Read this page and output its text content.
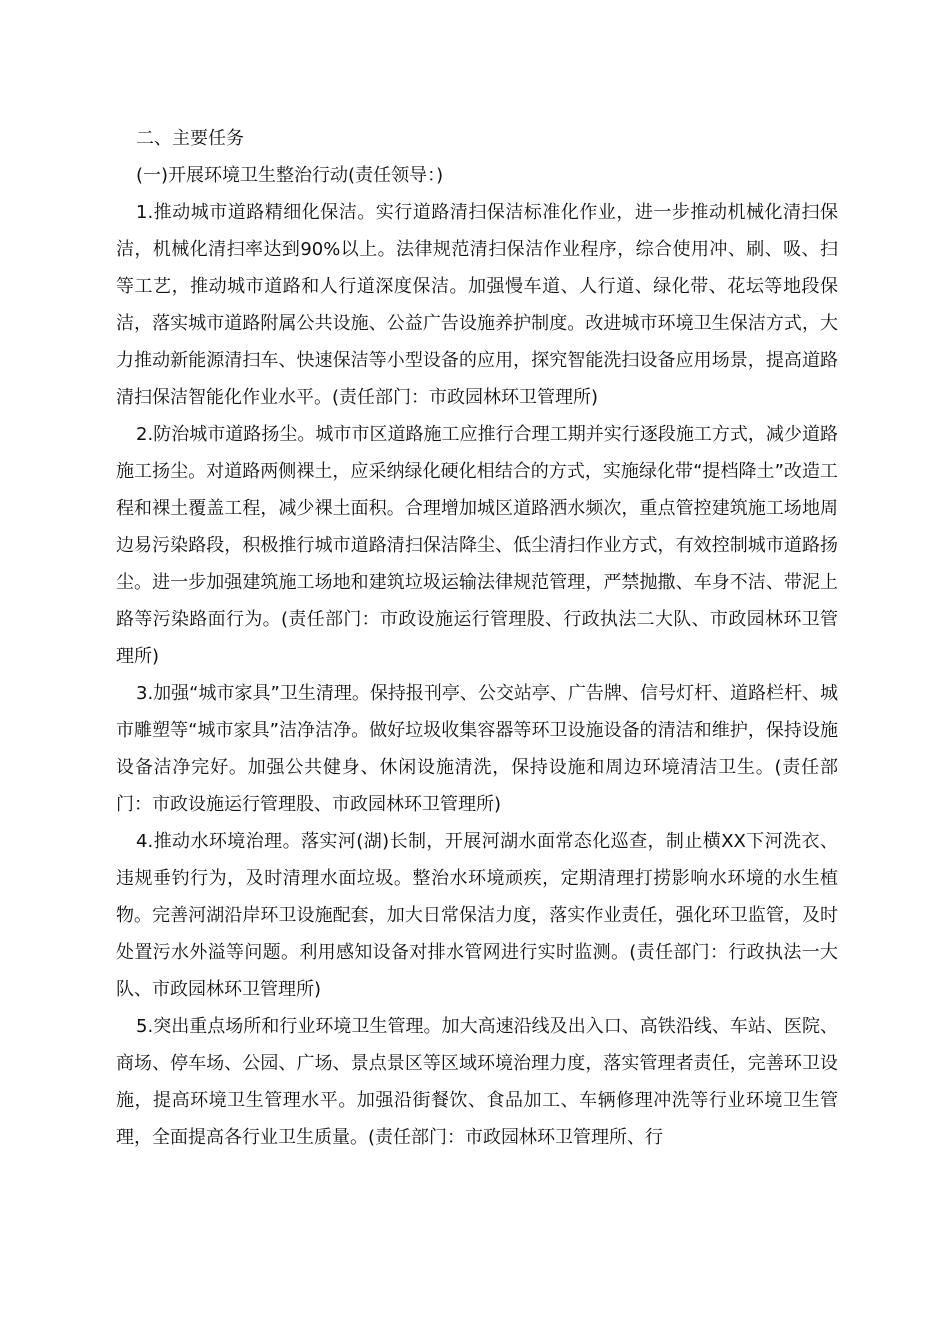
二、主要任务
(一)开展环境卫生整治行动(责任领导：)

1.推动城市道路精细化保洁。实行道路清扫保洁标准化作业，进一步推动机械化清扫保洁，机械化清扫率达到90%以上。法律规范清扫保洁作业程序，综合使用冲、刷、吸、扫等工艺，推动城市道路和人行道深度保洁。加强慢车道、人行道、绿化带、花坛等地段保洁，落实城市道路附属公共设施、公益广告设施养护制度。改进城市环境卫生保洁方式，大力推动新能源清扫车、快速保洁等小型设备的应用，探究智能洗扫设备应用场景，提高道路清扫保洁智能化作业水平。(责任部门：市政园林环卫管理所)

2.防治城市道路扬尘。城市市区道路施工应推行合理工期并实行逐段施工方式，减少道路施工扬尘。对道路两侧裸土，应采纳绿化硬化相结合的方式，实施绿化带“提档降土”改造工程和裸土覆盖工程，减少裸土面积。合理增加城区道路洒水频次，重点管控建筑施工场地周边易污染路段，积极推行城市道路清扫保洁降尘、低尘清扫作业方式，有效控制城市道路扬尘。进一步加强建筑施工场地和建筑垃圾运输法律规范管理，严禁抛撒、车身不洁、带泥上路等污染路面行为。(责任部门：市政设施运行管理股、行政执法二大队、市政园林环卫管理所)

3.加强“城市家具”卫生清理。保持报刊亭、公交站亭、广告牌、信号灯杆、道路栏杆、城市雕塑等“城市家具”洁净洁净。做好垃圾收集容器等环卫设施设备的清洁和维护，保持设施设备洁净完好。加强公共健身、休闲设施清洗，保持设施和周边环境清洁卫生。(责任部门：市政设施运行管理股、市政园林环卫管理所)

4.推动水环境治理。落实河(湖)长制，开展河湖水面常态化巡查，制止横XX下河洗衣、违规垂钓行为，及时清理水面垃圾。整治水环境顽疾，定期清理打捞影响水环境的水生植物。完善河湖沿岸环卫设施配套，加大日常保洁力度，落实作业责任，强化环卫监管，及时处置污水外溢等问题。利用感知设备对排水管网进行实时监测。(责任部门：行政执法一大队、市政园林环卫管理所)

5.突出重点场所和行业环境卫生管理。加大高速沿线及出入口、高铁沿线、车站、医院、商场、停车场、公园、广场、景点景区等区域环境治理力度，落实管理者责任，完善环卫设施，提高环境卫生管理水平。加强沿街餐饮、食品加工、车辆修理冲洗等行业环境卫生管理，全面提高各行业卫生质量。(责任部门：市政园林环卫管理所、行
